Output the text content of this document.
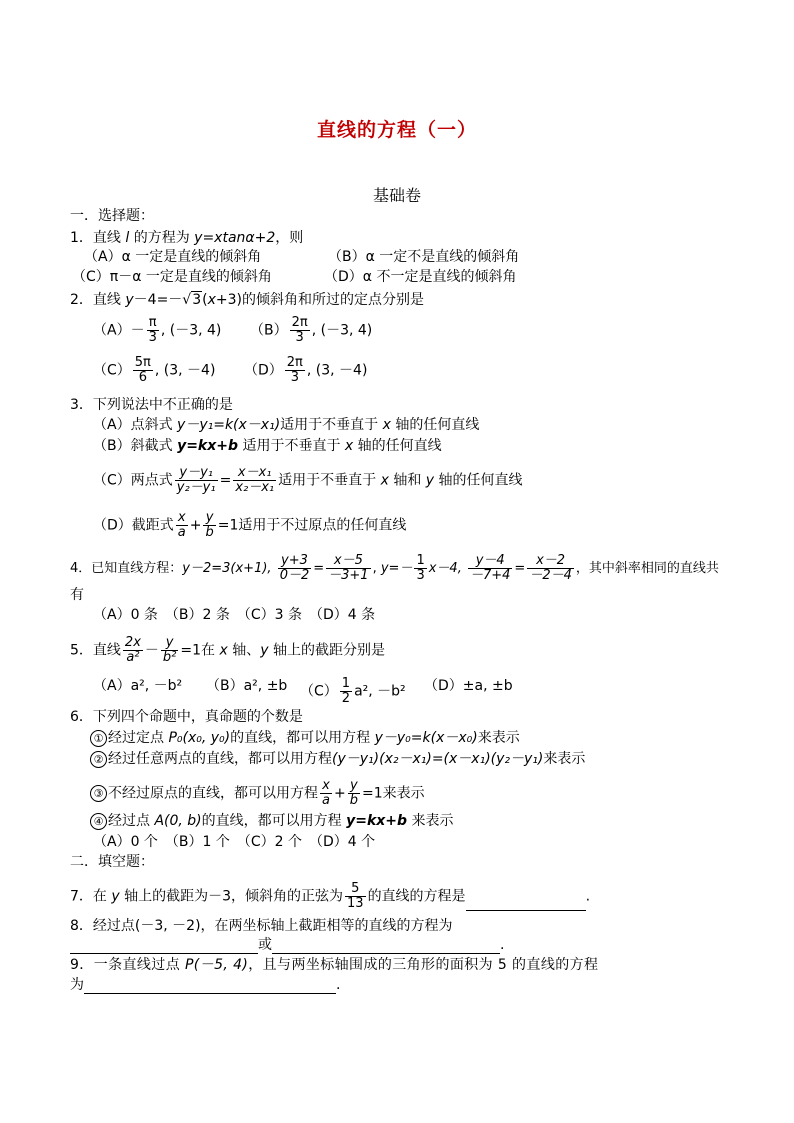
直线的方程（一）
基础卷
一．选择题：
1．直线 l 的方程为 y=xtanα+2，则
（A）α 一定是直线的倾斜角	（B）α 一定不是直线的倾斜角
（C）π－α 一定是直线的倾斜角	（D）α 不一定是直线的倾斜角
2．直线 y－4=－√3(x+3)的倾斜角和所过的定点分别是
$(A)- \frac{\pi}{3}$ , (－3, 4) $(B) \frac{2\pi}{3}$ , (－3, 4)
$(C) \frac{5\pi}{6}$ , (3, －4) $(D) \frac{2\pi}{3}$ , (3, －4)
3．下列说法中不正确的是
（A）点斜式 y－y₁=k(x－x₁)适用于不垂直于 x 轴的任何直线
（B）斜截式 y=kx+b 适用于不垂直于 x 轴的任何直线
（C）两点式 $\frac{\text{y－y₁}}{\text{y₂－y₁}} = \frac{\text{x－x₁}}{\text{x₂－x₁}}$ 适用于不垂直于 x 轴和 y 轴的任何直线
（D）截距式 $\frac{x}{a} + \frac{y}{b} =1$适用于不过原点的任何直线
4．已知直线方程：y－2=3(x+1), $\frac{y+3}{0-2} = \frac{x-5}{-3+1}$ , $y=- \frac{1}{3} x-4$, $\frac{y-4}{-7+4} = \frac{x-2}{-2-4}$ ，其中斜率相同的直线共
有
（A）0 条　（B）2 条　（C）3 条　（D）4 条
5．直线 $\frac{2x}{\text{a²}} - \frac{y}{\text{b²}} =1$在 x 轴、y 轴上的截距分别是
（A）a², －b² （B）a², ±b $(C) \frac{1}{2} a^2$, －b² （D）±a, ±b
6．下列四个命题中，真命题的个数是
① 经过定点 P₀(x₀, y₀)的直线，都可以用方程 y－y₀=k(x－x₀)来表示
② 经过任意两点的直线，都可以用方程(y－y₁)(x₂－x₁)=(x－x₁)(y₂－y₁)来表示
③ 不经过原点的直线，都可以用方程 $\frac{x}{a} + \frac{y}{b} =1$来表示
④ 经过点 A(0, b)的直线，都可以用方程 y=kx+b 来表示
（A）0 个　（B）1 个　（C）2 个　（D）4 个
二．填空题：
7．在 y 轴上的截距为－3，倾斜角的正弦为 $\frac{5}{13}$ 的直线的方程是	.
8．经过点(－3, －2)，在两坐标轴上截距相等的直线的方程为
或	.
9．一条直线过点 P(－5, 4)，且与两坐标轴围成的三角形的面积为 5 的直线的方程
为	.
